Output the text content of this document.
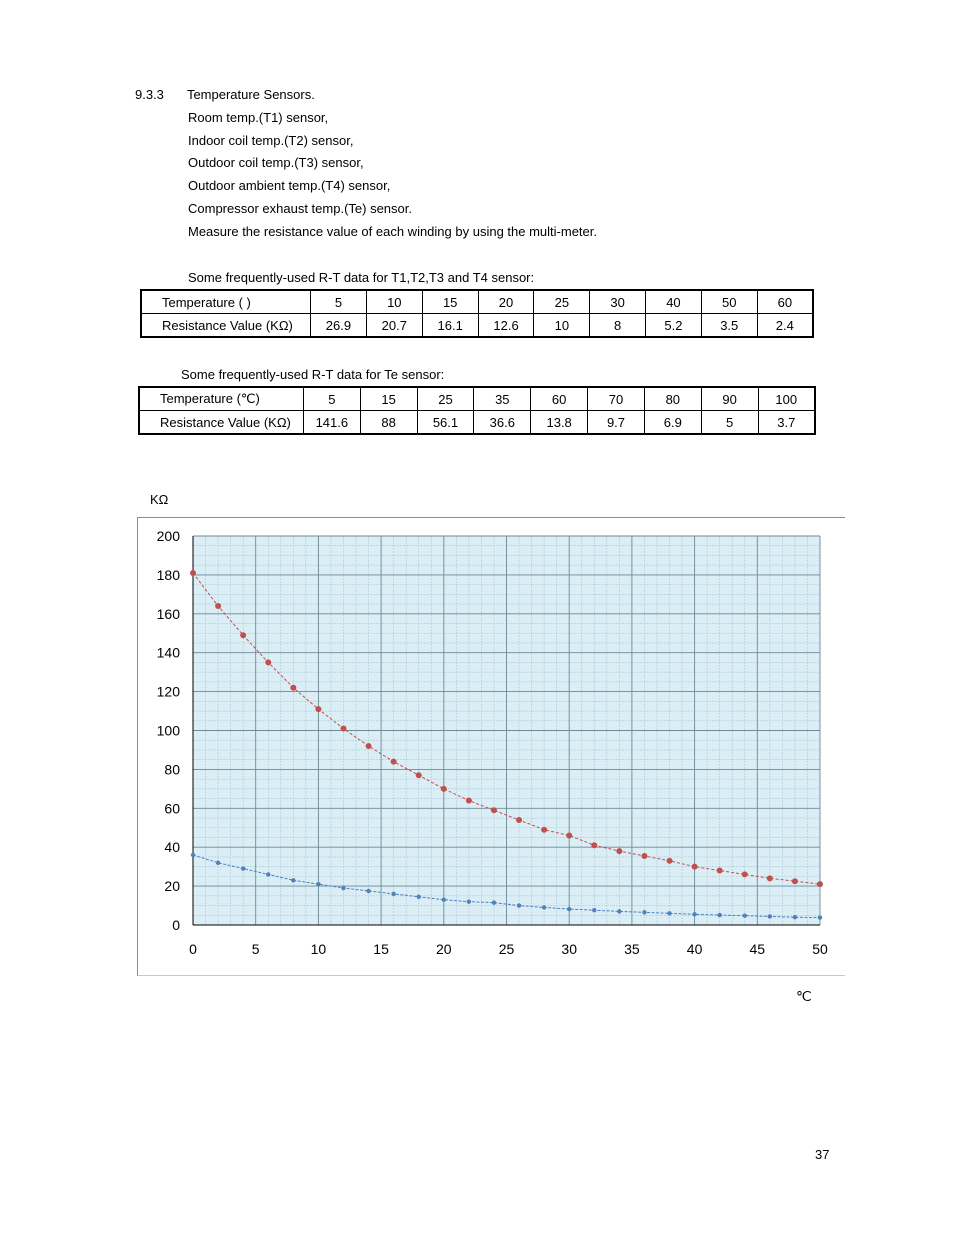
9.3.3 Temperature Sensors.
Room temp.(T1) sensor,
Indoor coil temp.(T2) sensor,
Outdoor coil temp.(T3) sensor,
Outdoor ambient temp.(T4) sensor,
Compressor exhaust temp.(Te) sensor.
Measure the resistance value of each winding by using the multi-meter.
Some frequently-used R-T data for T1,T2,T3 and T4 sensor:
Temperature ( )	5	10	15	20	25	30	40	50	60
Resistance Value (KΩ)	26.9	20.7	16.1	12.6	10	8	5.2	3.5	2.4
Some frequently-used R-T data for Te sensor:
Temperature (℃)	5	15	25	35	60	70	80	90	100
Resistance Value (KΩ)	141.6	88	56.1	36.6	13.8	9.7	6.9	5	3.7
KΩ
0
20
40
60
80
100
120
140
160
180
200
0	5	10	15	20	25	30	35	40	45	50
℃
37
